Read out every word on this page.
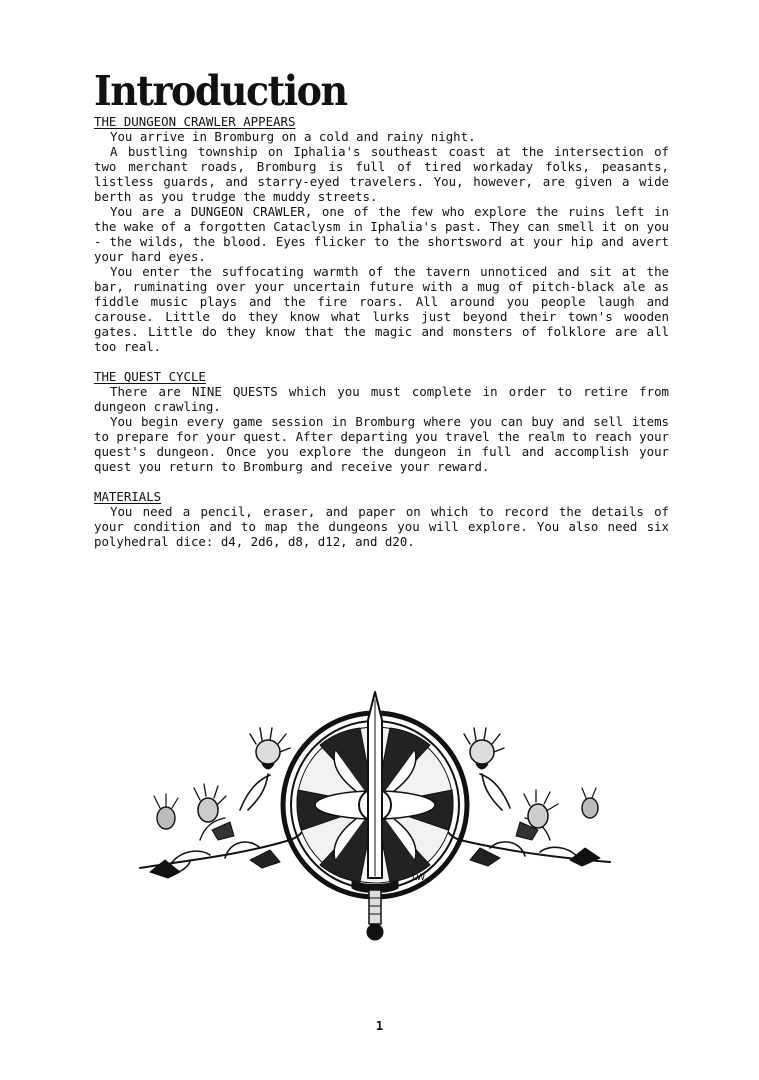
Introduction
THE DUNGEON CRAWLER APPEARS

You arrive in Bromburg on a cold and rainy night.

A bustling township on Iphalia's southeast coast at the intersection of two merchant roads, Bromburg is full of tired workaday folks, peasants, listless guards, and starry-eyed travelers. You, however, are given a wide berth as you trudge the muddy streets.

You are a DUNGEON CRAWLER, one of the few who explore the ruins left in the wake of a forgotten Cataclysm in Iphalia's past. They can smell it on you - the wilds, the blood. Eyes flicker to the shortsword at your hip and avert your hard eyes.

You enter the suffocating warmth of the tavern unnoticed and sit at the bar, ruminating over your uncertain future with a mug of pitch-black ale as fiddle music plays and the fire roars. All around you people laugh and carouse. Little do they know what lurks just beyond their town's wooden gates. Little do they know that the magic and monsters of folklore are all too real.

THE QUEST CYCLE

There are NINE QUESTS which you must complete in order to retire from dungeon crawling.

You begin every game session in Bromburg where you can buy and sell items to prepare for your quest. After departing you travel the realm to reach your quest's dungeon. Once you explore the dungeon in full and accomplish your quest you return to Bromburg and receive your reward.

MATERIALS

You need a pencil, eraser, and paper on which to record the details of your condition and to map the dungeons you will explore. You also need six polyhedral dice: d4, 2d6, d8, d12, and d20.

LW
1
